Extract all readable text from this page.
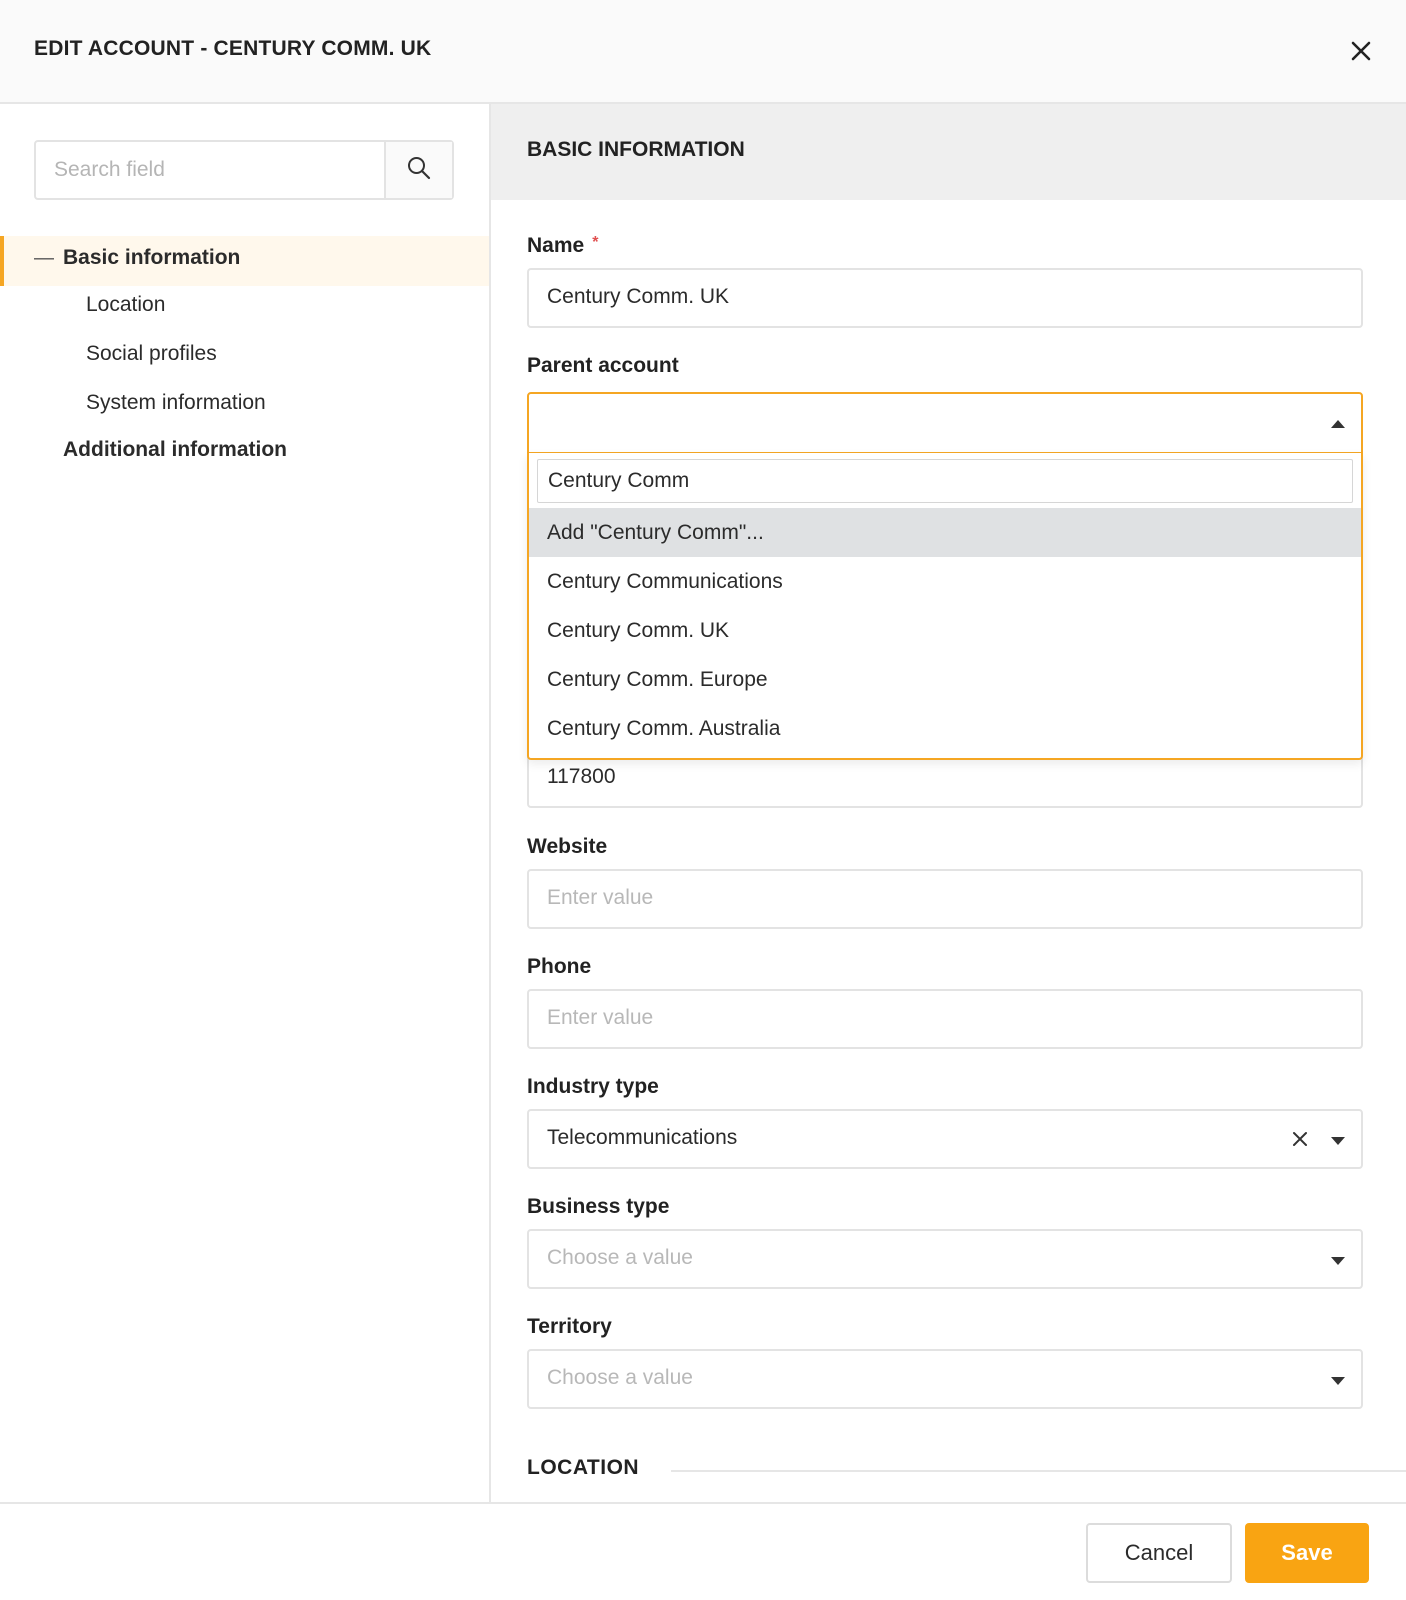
EDIT ACCOUNT - CENTURY COMM. UK
Search field
— Basic information
Location
Social profiles
System information
Additional information
BASIC INFORMATION
Name *
Century Comm. UK
Parent account
117800
Century Comm
Add "Century Comm"...
Century Communications
Century Comm. UK
Century Comm. Europe
Century Comm. Australia
Website
Enter value
Phone
Enter value
Industry type
Telecommunications
Business type
Choose a value
Territory
Choose a value
LOCATION
Cancel	Save
